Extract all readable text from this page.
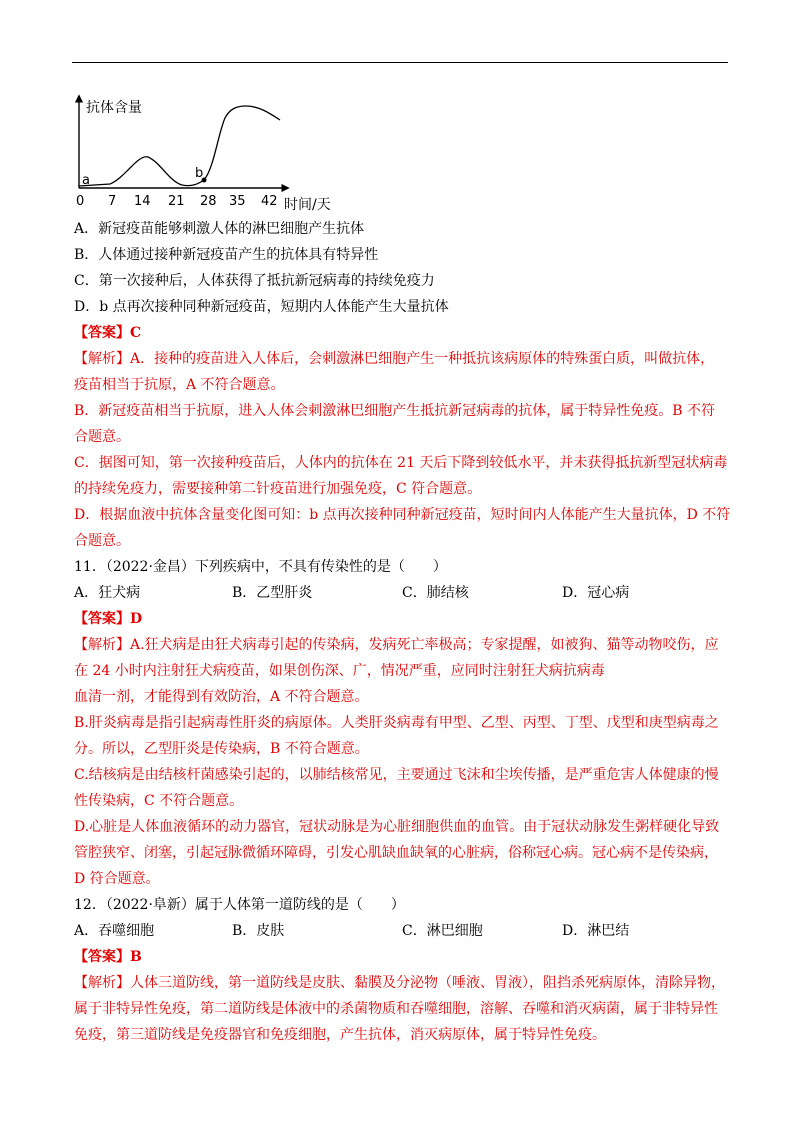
抗体含量
时间/天
0 7 14 21 28 35 42
a	b
A．新冠疫苗能够刺激人体的淋巴细胞产生抗体
B．人体通过接种新冠疫苗产生的抗体具有特异性
C．第一次接种后，人体获得了抵抗新冠病毒的持续免疫力
D．b 点再次接种同种新冠疫苗，短期内人体能产生大量抗体
【答案】C
【解析】A．接种的疫苗进入人体后，会刺激淋巴细胞产生一种抵抗该病原体的特殊蛋白质，叫做抗体，
疫苗相当于抗原，A 不符合题意。
B．新冠疫苗相当于抗原，进入人体会刺激淋巴细胞产生抵抗新冠病毒的抗体，属于特异性免疫。B 不符
合题意。
C．据图可知，第一次接种疫苗后，人体内的抗体在 21 天后下降到较低水平，并未获得抵抗新型冠状病毒
的持续免疫力，需要接种第二针疫苗进行加强免疫，C 符合题意。
D．根据血液中抗体含量变化图可知：b 点再次接种同种新冠疫苗，短时间内人体能产生大量抗体，D 不符
合题意。
11．（2022·金昌）下列疾病中，不具有传染性的是（　　）
A．狂犬病	B．乙型肝炎	C．肺结核	D．冠心病
【答案】D
【解析】A.狂犬病是由狂犬病毒引起的传染病，发病死亡率极高；专家提醒，如被狗、猫等动物咬伤，应
在 24 小时内注射狂犬病疫苗，如果创伤深、广，情况严重，应同时注射狂犬病抗病毒
血清一剂，才能得到有效防治，A 不符合题意。
B.肝炎病毒是指引起病毒性肝炎的病原体。人类肝炎病毒有甲型、乙型、丙型、丁型、戊型和庚型病毒之
分。所以，乙型肝炎是传染病，B 不符合题意。
C.结核病是由结核杆菌感染引起的，以肺结核常见，主要通过飞沫和尘埃传播，是严重危害人体健康的慢
性传染病，C 不符合题意。
D.心脏是人体血液循环的动力器官，冠状动脉是为心脏细胞供血的血管。由于冠状动脉发生粥样硬化导致
管腔狭窄、闭塞，引起冠脉微循环障碍，引发心肌缺血缺氧的心脏病，俗称冠心病。冠心病不是传染病，
D 符合题意。
12．（2022·阜新）属于人体第一道防线的是（　　）
A．吞噬细胞	B．皮肤	C．淋巴细胞	D．淋巴结
【答案】B
【解析】人体三道防线，第一道防线是皮肤、黏膜及分泌物（唾液、胃液），阻挡杀死病原体，清除异物，
属于非特异性免疫，第二道防线是体液中的杀菌物质和吞噬细胞，溶解、吞噬和消灭病菌，属于非特异性
免疫，第三道防线是免疫器官和免疫细胞，产生抗体，消灭病原体，属于特异性免疫。
